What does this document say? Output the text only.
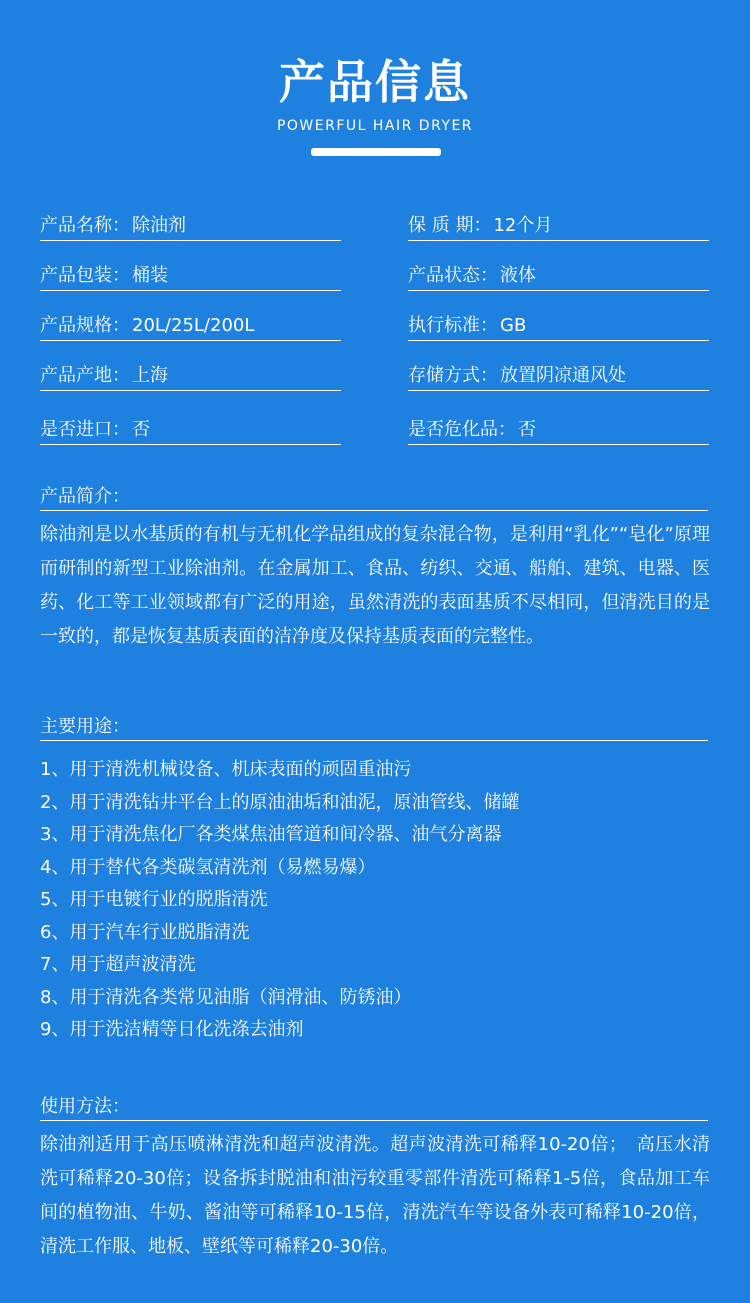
产品信息
POWERFUL HAIR DRYER
产品名称： 除油剂	保 质 期： 12个月
产品包装： 桶装	产品状态： 液体
产品规格： 20L/25L/200L	执行标准： GB
产品产地： 上海	存储方式： 放置阴凉通风处
是否进口： 否	是否危化品： 否
产品简介：

除油剂是以水基质的有机与无机化学品组成的复杂混合物，是利用“乳化”“皂化”原理而研制的新型工业除油剂。在金属加工、食品、纺织、交通、船舶、建筑、电器、医药、化工等工业领域都有广泛的用途，虽然清洗的表面基质不尽相同，但清洗目的是一致的，都是恢复基质表面的洁净度及保持基质表面的完整性。

主要用途：
1、用于清洗机械设备、机床表面的顽固重油污
2、用于清洗钻井平台上的原油油垢和油泥，原油管线、储罐
3、用于清洗焦化厂各类煤焦油管道和间冷器、油气分离器
4、用于替代各类碳氢清洗剂（易燃易爆）
5、用于电镀行业的脱脂清洗
6、用于汽车行业脱脂清洗
7、用于超声波清洗
8、用于清洗各类常见油脂（润滑油、防锈油）
9、用于洗洁精等日化洗涤去油剂
使用方法：

除油剂适用于高压喷淋清洗和超声波清洗。超声波清洗可稀释10-20倍；　高压水清洗可稀释20-30倍；设备拆封脱油和油污较重零部件清洗可稀释1-5倍，食品加工车间的植物油、牛奶、酱油等可稀释10-15倍，清洗汽车等设备外表可稀释10-20倍，清洗工作服、地板、壁纸等可稀释20-30倍。
